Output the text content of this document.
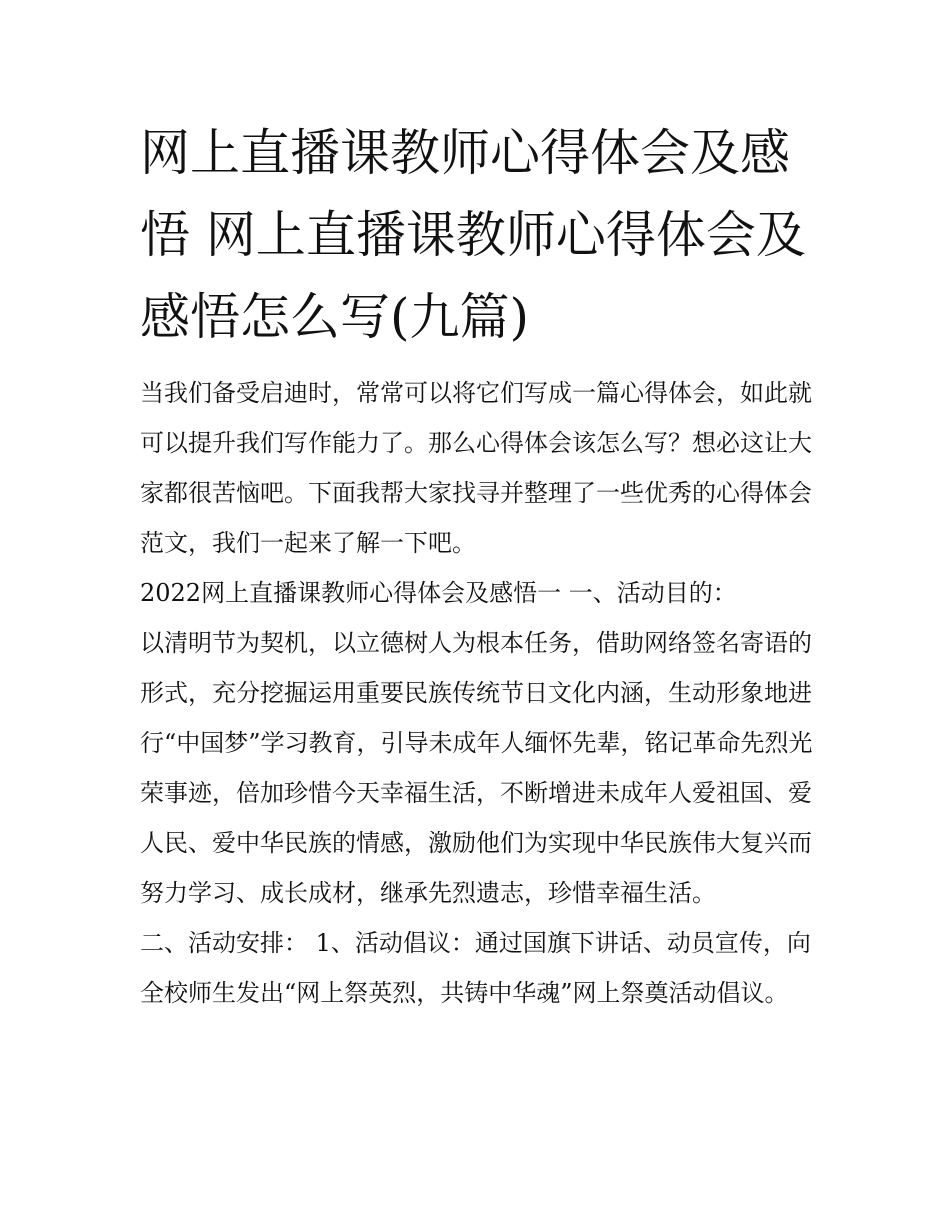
网上直播课教师心得体会及感悟 网上直播课教师心得体会及感悟怎么写(九篇)

当我们备受启迪时，常常可以将它们写成一篇心得体会，如此就可以提升我们写作能力了。那么心得体会该怎么写？想必这让大家都很苦恼吧。下面我帮大家找寻并整理了一些优秀的心得体会范文，我们一起来了解一下吧。

2022网上直播课教师心得体会及感悟一 一、活动目的：

以清明节为契机，以立德树人为根本任务，借助网络签名寄语的形式，充分挖掘运用重要民族传统节日文化内涵，生动形象地进行“中国梦”学习教育，引导未成年人缅怀先辈，铭记革命先烈光荣事迹，倍加珍惜今天幸福生活，不断增进未成年人爱祖国、爱人民、爱中华民族的情感，激励他们为实现中华民族伟大复兴而努力学习、成长成材，继承先烈遗志，珍惜幸福生活。

二、活动安排： 1、活动倡议：通过国旗下讲话、动员宣传，向全校师生发出“网上祭英烈，共铸中华魂”网上祭奠活动倡议。
